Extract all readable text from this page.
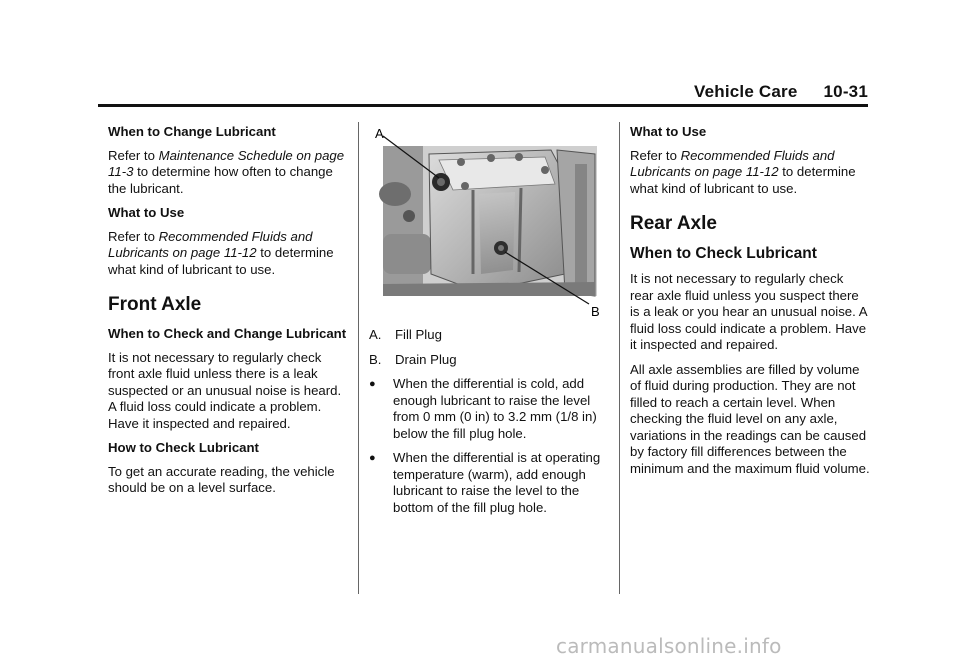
Vehicle Care 10-31

When to Change Lubricant

Refer to Maintenance Schedule on page 11-3 to determine how often to change the lubricant.

What to Use

Refer to Recommended Fluids and Lubricants on page 11-12 to determine what kind of lubricant to use.

Front Axle

When to Check and Change Lubricant

It is not necessary to regularly check front axle fluid unless there is a leak suspected or an unusual noise is heard. A fluid loss could indicate a problem. Have it inspected and repaired.

How to Check Lubricant

To get an accurate reading, the vehicle should be on a level surface.

A
B

A. Fill Plug

B. Drain Plug

●	When the differential is cold, add enough lubricant to raise the level from 0 mm (0 in) to 3.2 mm (1/8 in) below the fill plug hole.
●	When the differential is at operating temperature (warm), add enough lubricant to raise the level to the bottom of the fill plug hole.

What to Use

Refer to Recommended Fluids and Lubricants on page 11-12 to determine what kind of lubricant to use.

Rear Axle
When to Check Lubricant

It is not necessary to regularly check rear axle fluid unless you suspect there is a leak or you hear an unusual noise. A fluid loss could indicate a problem. Have it inspected and repaired.

All axle assemblies are filled by volume of fluid during production. They are not filled to reach a certain level. When checking the fluid level on any axle, variations in the readings can be caused by factory fill differences between the minimum and the maximum fluid volume.

carmanualsonline.info
